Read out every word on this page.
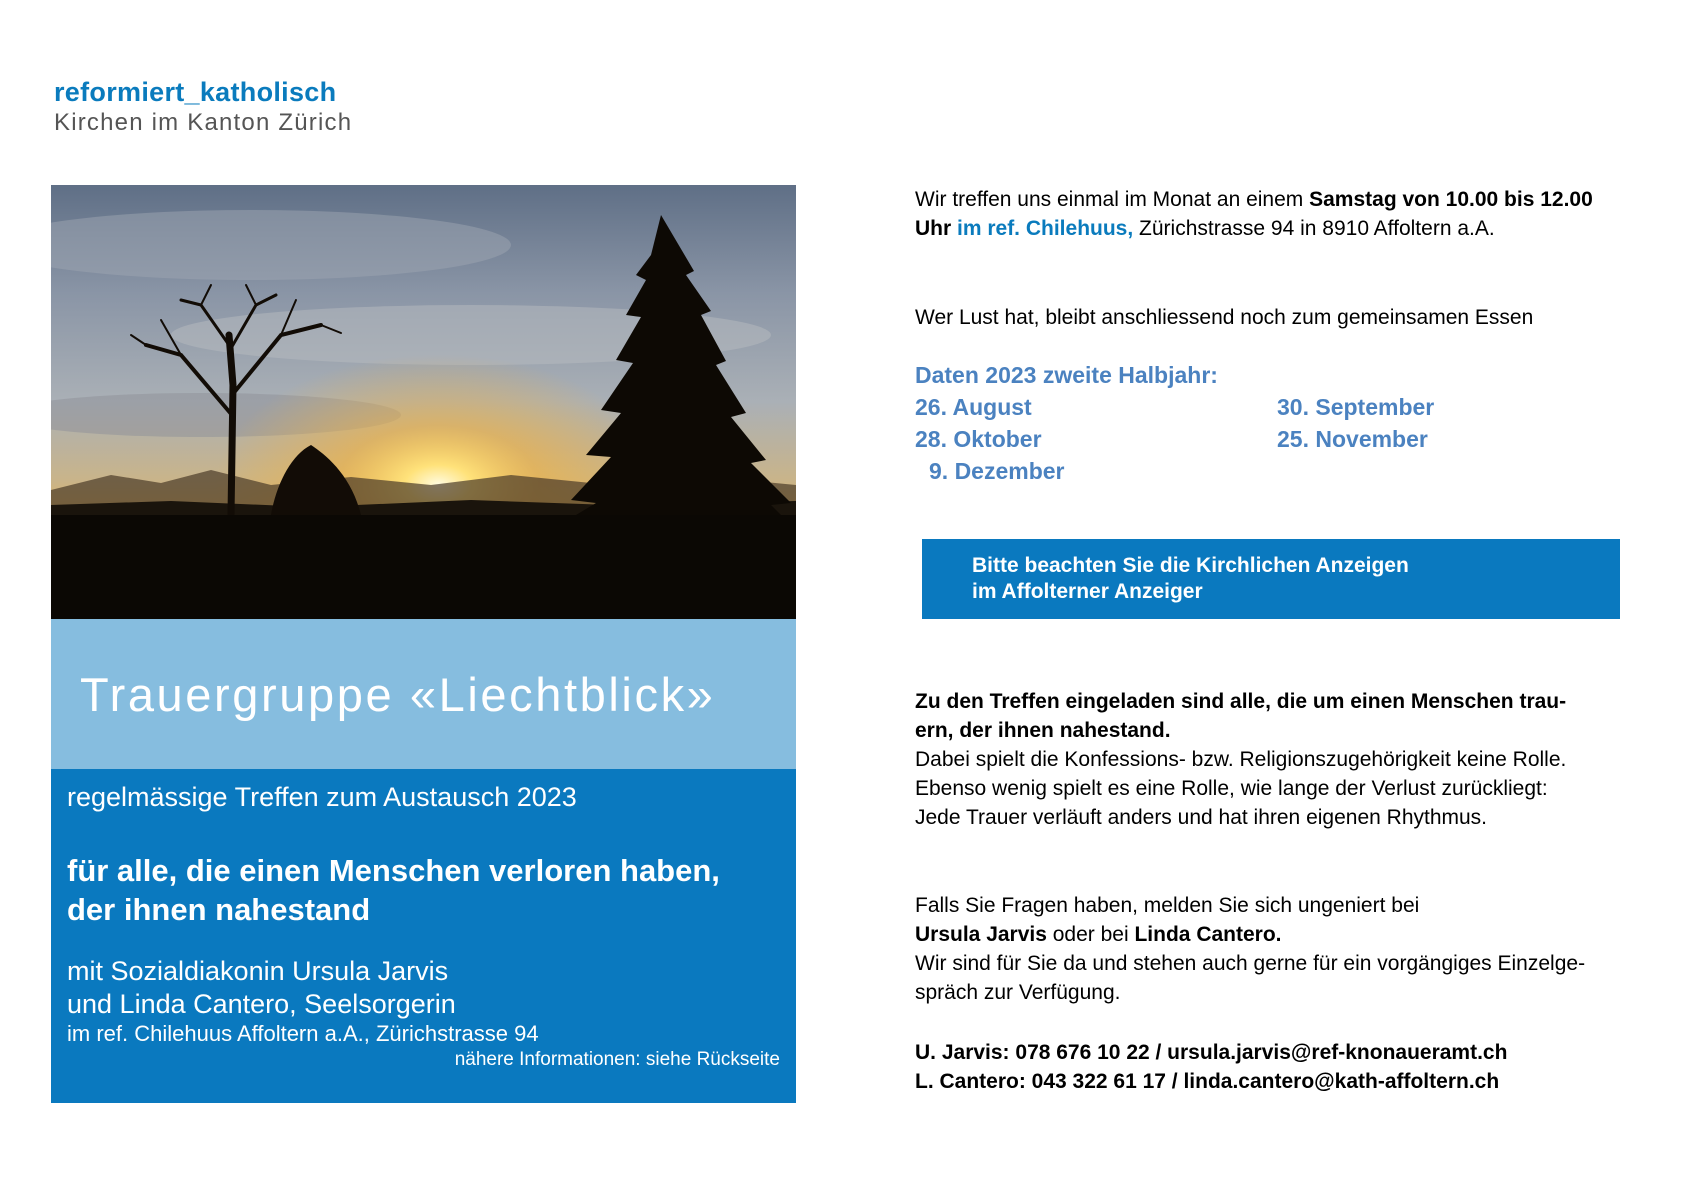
reformiert_katholisch
Kirchen im Kanton Zürich
Trauergruppe «Liechtblick»
regelmässige Treffen zum Austausch 2023
für alle, die einen Menschen verloren haben,
der ihnen nahestand
mit Sozialdiakonin Ursula Jarvis
und Linda Cantero, Seelsorgerin
im ref. Chilehuus Affoltern a.A., Zürichstrasse 94
nähere Informationen: siehe Rückseite
Wir treffen uns einmal im Monat an einem Samstag von 10.00 bis 12.00
Uhr im ref. Chilehuus, Zürichstrasse 94 in 8910 Affoltern a.A.
Wer Lust hat, bleibt anschliessend noch zum gemeinsamen Essen
Daten 2023 zweite Halbjahr:
26. August	30. September
28. Oktober	25. November
9. Dezember
Bitte beachten Sie die Kirchlichen Anzeigen
im Affolterner Anzeiger
Zu den Treffen eingeladen sind alle, die um einen Menschen trau-
ern, der ihnen nahestand.
Dabei spielt die Konfessions- bzw. Religionszugehörigkeit keine Rolle.
Ebenso wenig spielt es eine Rolle, wie lange der Verlust zurückliegt:
Jede Trauer verläuft anders und hat ihren eigenen Rhythmus.
Falls Sie Fragen haben, melden Sie sich ungeniert bei
Ursula Jarvis oder bei Linda Cantero.
Wir sind für Sie da und stehen auch gerne für ein vorgängiges Einzelge-
spräch zur Verfügung.
U. Jarvis: 078 676 10 22 / ursula.jarvis@ref-knonaueramt.ch
L. Cantero: 043 322 61 17 / linda.cantero@kath-affoltern.ch
